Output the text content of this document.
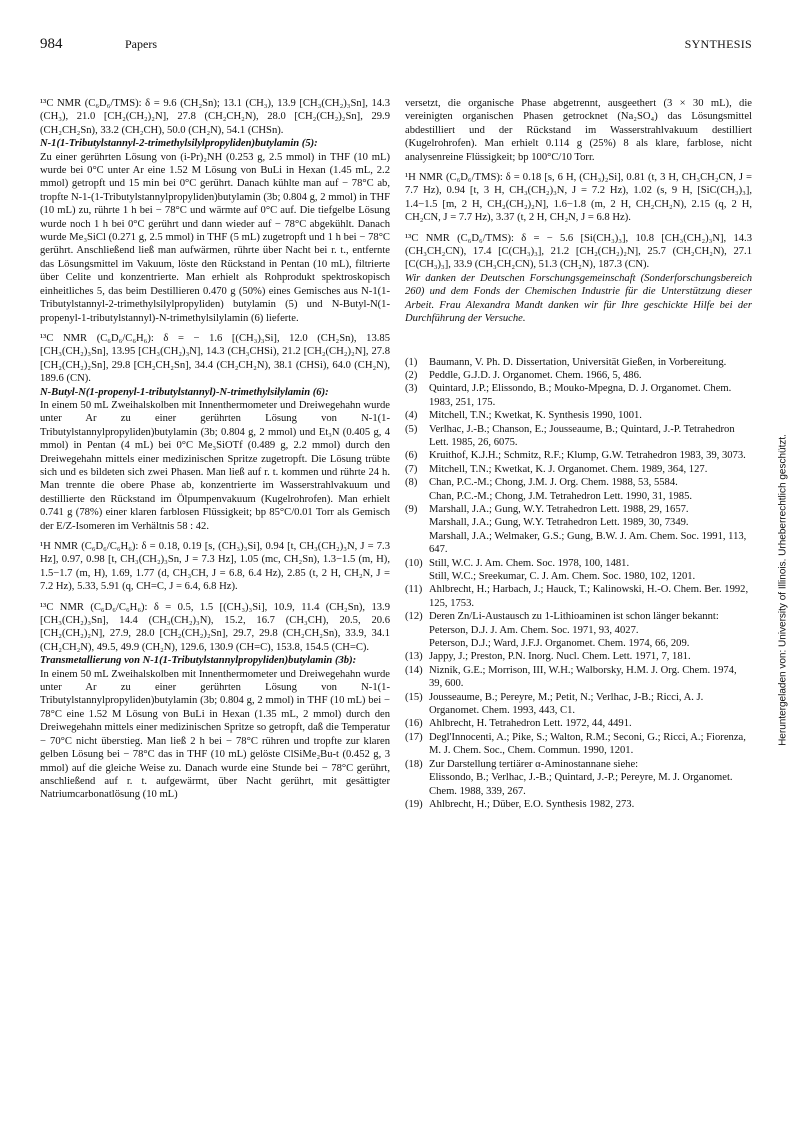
984	Papers	SYNTHESIS

¹³C NMR (C₆D₆/TMS): δ = 9.6 (CH₂Sn); 13.1 (CH₃), 13.9 [CH₃(CH₂)₃Sn], 14.3 (CH₃), 21.0 [CH₂(CH₂)₂N], 27.8 (CH₂CH₂N), 28.0 [CH₂(CH₂)₂Sn], 29.9 (CH₂CH₂Sn), 33.2 (CH₂CH), 50.0 (CH₂N), 54.1 (CHSn).

N-1(1-Tributylstannyl-2-trimethylsilylpropyliden)butylamin (5):

Zu einer gerührten Lösung von (i-Pr)₂NH (0.253 g, 2.5 mmol) in THF (10 mL) wurde bei 0°C unter Ar eine 1.52 M Lösung von BuLi in Hexan (1.45 mL, 2.2 mmol) getropft und 15 min bei 0°C gerührt. Danach kühlte man auf − 78°C ab, tropfte N-1-(1-Tributylstannylpropyliden)butylamin (3b; 0.804 g, 2 mmol) in THF (10 mL) zu, rührte 1 h bei − 78°C und wärmte auf 0°C auf. Die tiefgelbe Lösung wurde noch 1 h bei 0°C gerührt und dann wieder auf − 78°C abgekühlt. Danach wurde Me₃SiCl (0.271 g, 2.5 mmol) in THF (5 mL) zugetropft und 1 h bei − 78°C gerührt. Anschließend ließ man aufwärmen, rührte über Nacht bei r. t., entfernte das Lösungsmittel im Vakuum, löste den Rückstand in Pentan (10 mL), filtrierte über Celite und konzentrierte. Man erhielt als Rohprodukt spektroskopisch einheitliches 5, das beim Destillieren 0.470 g (50%) eines Gemisches aus N-1(1-Tributylstannyl-2-trimethylsilylpropyliden) butylamin (5) und N-Butyl-N(1-propenyl-1-tributylstannyl)-N-trimethylsilylamin (6) lieferte.

¹³C NMR (C₆D₆/C₆H₆): δ = − 1.6 [(CH₃)₃Si], 12.0 (CH₂Sn), 13.85 [CH₃(CH₂)₃Sn], 13.95 [CH₃(CH₂)₃N], 14.3 (CH₃CHSi), 21.2 [CH₂(CH₂)₂N], 27.8 [CH₂(CH₂)₂Sn], 29.8 [CH₂CH₂Sn], 34.4 (CH₂CH₂N), 38.1 (CHSi), 64.0 (CH₂N), 189.6 (CN).

N-Butyl-N(1-propenyl-1-tributylstannyl)-N-trimethylsilylamin (6):

In einem 50 mL Zweihalskolben mit Innenthermometer und Dreiwegehahn wurde unter Ar zu einer gerührten Lösung von N-1(1-Tributylstannylpropyliden)butylamin (3b; 0.804 g, 2 mmol) und Et₃N (0.405 g, 4 mmol) in Pentan (4 mL) bei 0°C Me₃SiOTf (0.489 g, 2.2 mmol) durch den Dreiwegehahn mittels einer medizinischen Spritze zugetropft. Die Lösung trübte sich und es bildeten sich zwei Phasen. Man ließ auf r. t. kommen und rührte 24 h. Man trennte die obere Phase ab, konzentrierte im Wasserstrahlvakuum und destillierte den Rückstand im Ölpumpenvakuum (Kugelrohrofen). Man erhielt 0.741 g (78%) einer klaren farblosen Flüssigkeit; bp 85°C/0.01 Torr als Gemisch der E/Z-Isomeren im Verhältnis 58 : 42.

¹H NMR (C₆D₆/C₆H₆): δ = 0.18, 0.19 [s, (CH₃)₃Si], 0.94 [t, CH₃(CH₂)₃N, J = 7.3 Hz], 0.97, 0.98 [t, CH₃(CH₂)₃Sn, J = 7.3 Hz], 1.05 (mc, CH₂Sn), 1.3−1.5 (m, H), 1.5−1.7 (m, H), 1.69, 1.77 (d, CH₃CH, J = 6.8, 6.4 Hz), 2.85 (t, 2 H, CH₂N, J = 7.2 Hz), 5.33, 5.91 (q, CH=C, J = 6.4, 6.8 Hz).

¹³C NMR (C₆D₆/C₆H₆): δ = 0.5, 1.5 [(CH₃)₃Si], 10.9, 11.4 (CH₂Sn), 13.9 [CH₃(CH₂)₃Sn], 14.4 (CH₃(CH₂)₃N), 15.2, 16.7 (CH₃CH), 20.5, 20.6 [CH₂(CH₂)₂N], 27.9, 28.0 [CH₂(CH₂)₂Sn], 29.7, 29.8 (CH₂CH₂Sn), 33.9, 34.1 (CH₂CH₂N), 49.5, 49.9 (CH₂N), 129.6, 130.9 (CH=C), 153.8, 154.5 (CH=C).

Transmetallierung von N-1(1-Tributylstannylpropyliden)butylamin (3b):

In einem 50 mL Zweihalskolben mit Innenthermometer und Dreiwegehahn wurde unter Ar zu einer gerührten Lösung von N-1(1-Tributylstannylpropyliden)butylamin (3b; 0.804 g, 2 mmol) in THF (10 mL) bei − 78°C eine 1.52 M Lösung von BuLi in Hexan (1.35 mL, 2 mmol) durch den Dreiwegehahn mittels einer medizinischen Spritze so getropft, daß die Temperatur − 70°C nicht überstieg. Man ließ 2 h bei − 78°C rühren und tropfte zur klaren gelben Lösung bei − 78°C das in THF (10 mL) gelöste ClSiMe₂Bu-t (0.452 g, 3 mmol) auf die gleiche Weise zu. Danach wurde eine Stunde bei − 78°C gerührt, anschließend auf r. t. aufgewärmt, über Nacht gerührt, mit gesättigter Natriumcarbonatlösung (10 mL)

versetzt, die organische Phase abgetrennt, ausgeethert (3 × 30 mL), die vereinigten organischen Phasen getrocknet (Na₂SO₄) das Lösungsmittel abdestilliert und der Rückstand im Wasserstrahlvakuum destilliert (Kugelrohrofen). Man erhielt 0.114 g (25%) 8 als klare, farblose, nicht analysenreine Flüssigkeit; bp 100°C/10 Torr.

¹H NMR (C₆D₆/TMS): δ = 0.18 [s, 6 H, (CH₃)₂Si], 0.81 (t, 3 H, CH₃CH₂CN, J = 7.7 Hz), 0.94 [t, 3 H, CH₃(CH₂)₃N, J = 7.2 Hz), 1.02 (s, 9 H, [SiC(CH₃)₃], 1.4−1.5 [m, 2 H, CH₂(CH₂)₂N], 1.6−1.8 (m, 2 H, CH₂CH₂N), 2.15 (q, 2 H, CH₂CN, J = 7.7 Hz), 3.37 (t, 2 H, CH₂N, J = 6.8 Hz).

¹³C NMR (C₆D₆/TMS): δ = − 5.6 [Si(CH₃)₃], 10.8 [CH₃(CH₂)₃N], 14.3 (CH₃CH₂CN), 17.4 [C(CH₃)₃], 21.2 [CH₂(CH₂)₂N], 25.7 (CH₂CH₂N), 27.1 [C(CH₃)₃], 33.9 (CH₃CH₂CN), 51.3 (CH₂N), 187.3 (CN).

Wir danken der Deutschen Forschungsgemeinschaft (Sonderforschungsbereich 260) und dem Fonds der Chemischen Industrie für die Unterstützung dieser Arbeit. Frau Alexandra Mandt danken wir für Ihre geschickte Hilfe bei der Durchführung der Versuche.

(1)	Baumann, V. Ph. D. Dissertation, Universität Gießen, in Vorbereitung.
(2)	Peddle, G.J.D. J. Organomet. Chem. 1966, 5, 486.
(3)	Quintard, J.P.; Elissondo, B.; Mouko-Mpegna, D. J. Organomet. Chem. 1983, 251, 175.
(4)	Mitchell, T.N.; Kwetkat, K. Synthesis 1990, 1001.
(5)	Verlhac, J.-B.; Chanson, E.; Jousseaume, B.; Quintard, J.-P. Tetrahedron Lett. 1985, 26, 6075.
(6)	Kruithof, K.J.H.; Schmitz, R.F.; Klump, G.W. Tetrahedron 1983, 39, 3073.
(7)	Mitchell, T.N.; Kwetkat, K. J. Organomet. Chem. 1989, 364, 127.
(8)	Chan, P.C.-M.; Chong, J.M. J. Org. Chem. 1988, 53, 5584.
Chan, P.C.-M.; Chong, J.M. Tetrahedron Lett. 1990, 31, 1985.
(9)	Marshall, J.A.; Gung, W.Y. Tetrahedron Lett. 1988, 29, 1657.
Marshall, J.A.; Gung, W.Y. Tetrahedron Lett. 1989, 30, 7349.
Marshall, J.A.; Welmaker, G.S.; Gung, B.W. J. Am. Chem. Soc. 1991, 113, 647.
(10) Still, W.C. J. Am. Chem. Soc. 1978, 100, 1481.
Still, W.C.; Sreekumar, C. J. Am. Chem. Soc. 1980, 102, 1201.
(11) Ahlbrecht, H.; Harbach, J.; Hauck, T.; Kalinowski, H.-O. Chem. Ber. 1992, 125, 1753.
(12) Deren Zn/Li-Austausch zu 1-Lithioaminen ist schon länger bekannt:
Peterson, D.J. J. Am. Chem. Soc. 1971, 93, 4027.
Peterson, D.J.; Ward, J.F.J. Organomet. Chem. 1974, 66, 209.
(13) Jappy, J.; Preston, P.N. Inorg. Nucl. Chem. Lett. 1971, 7, 181.
(14) Niznik, G.E.; Morrison, III, W.H.; Walborsky, H.M. J. Org. Chem. 1974, 39, 600.
(15) Jousseaume, B.; Pereyre, M.; Petit, N.; Verlhac, J-B.; Ricci, A. J. Organomet. Chem. 1993, 443, C1.
(16) Ahlbrecht, H. Tetrahedron Lett. 1972, 44, 4491.
(17) Degl'Innocenti, A.; Pike, S.; Walton, R.M.; Seconi, G.; Ricci, A.; Fiorenza, M. J. Chem. Soc., Chem. Commun. 1990, 1201.
(18) Zur Darstellung tertiärer α-Aminostannane siehe:
Elissondo, B.; Verlhac, J.-B.; Quintard, J.-P.; Pereyre, M. J. Organomet. Chem. 1988, 339, 267.
(19) Ahlbrecht, H.; Düber, E.O. Synthesis 1982, 273.
Heruntergeladen von: University of Illinois. Urheberrechtlich geschützt.
